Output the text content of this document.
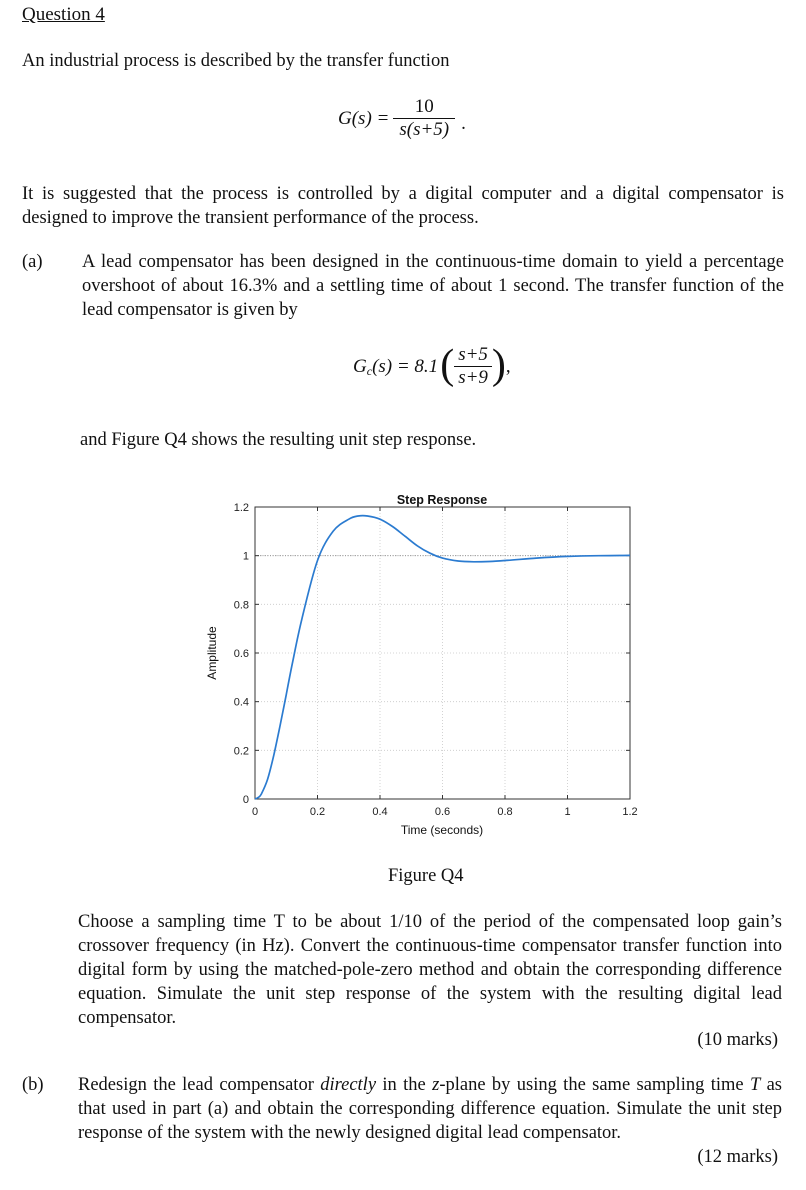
Question 4
An industrial process is described by the transfer function
$G(s) = \frac{10}{s(s+5)}$ .
It is suggested that the process is controlled by a digital computer and a digital compensator is designed to improve the transient performance of the process.
(a) A lead compensator has been designed in the continuous-time domain to yield a percentage overshoot of about 16.3% and a settling time of about 1 second. The transfer function of the lead compensator is given by
$G_c$ (s) = 8.1 ( $\frac{s+5}{s+9}$ ) ,
and Figure Q4 shows the resulting unit step response.
0	0.2	0.4	0.6	0.8	1	1.2
0
0.2
0.4
0.6
0.8
1
1.2
Step Response
Time (seconds)
Amplitude
Figure Q4
Choose a sampling time T to be about 1/10 of the period of the compensated loop gain’s crossover frequency (in Hz). Convert the continuous-time compensator transfer function into digital form by using the matched-pole-zero method and obtain the corresponding difference equation. Simulate the unit step response of the system with the resulting digital lead compensator.
(10 marks)
(b) Redesign the lead compensator directly in the z-plane by using the same sampling time T as that used in part (a) and obtain the corresponding difference equation. Simulate the unit step response of the system with the newly designed digital lead compensator.
(12 marks)
